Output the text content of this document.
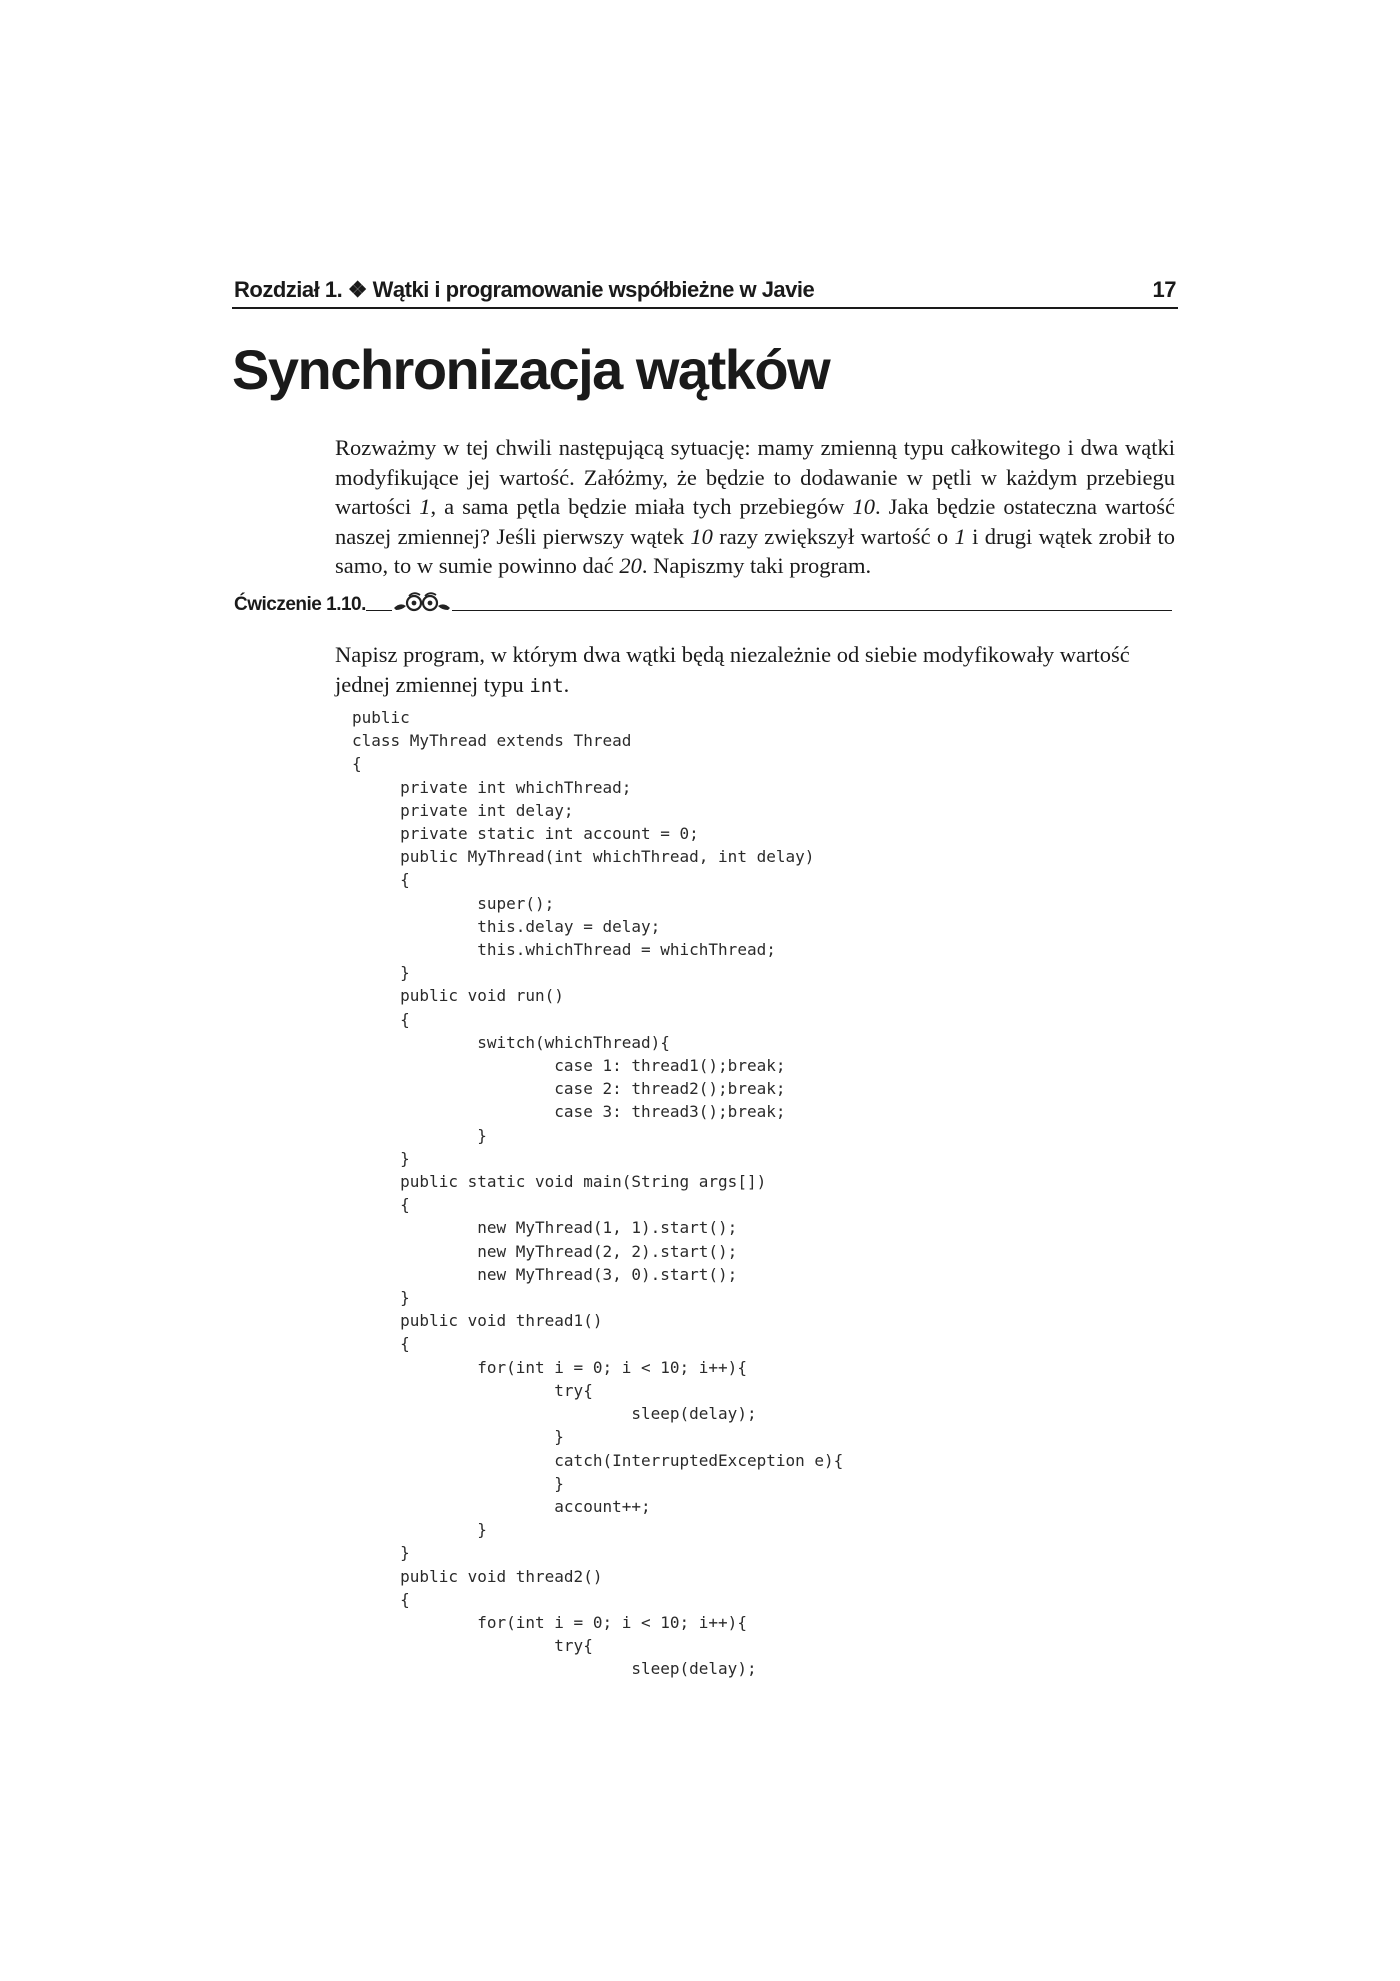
Rozdział 1. ❖ Wątki i programowanie współbieżne w Javie	17
Synchronizacja wątków

Rozważmy w tej chwili następującą sytuację: mamy zmienną typu całkowitego i dwa wątki modyfikujące jej wartość. Załóżmy, że będzie to dodawanie w pętli w każdym przebiegu wartości 1, a sama pętla będzie miała tych przebiegów 10. Jaka będzie ostateczna wartość naszej zmiennej? Jeśli pierwszy wątek 10 razy zwiększył wartość o 1 i drugi wątek zrobił to samo, to w sumie powinno dać 20. Napiszmy taki program.

Ćwiczenie 1.10.

Napisz program, w którym dwa wątki będą niezależnie od siebie modyfikowały wartość jednej zmiennej typu int.

public
class MyThread extends Thread
{
private int whichThread;
private int delay;
private static int account = 0;
public MyThread(int whichThread, int delay)
{
super();
this.delay = delay;
this.whichThread = whichThread;
}
public void run()
{
switch(whichThread){
case 1: thread1();break;
case 2: thread2();break;
case 3: thread3();break;
}
}
public static void main(String args[])
{
new MyThread(1, 1).start();
new MyThread(2, 2).start();
new MyThread(3, 0).start();
}
public void thread1()
{
for(int i = 0; i < 10; i++){
try{
sleep(delay);
}
catch(InterruptedException e){
}
account++;
}
}
public void thread2()
{
for(int i = 0; i < 10; i++){
try{
sleep(delay);
